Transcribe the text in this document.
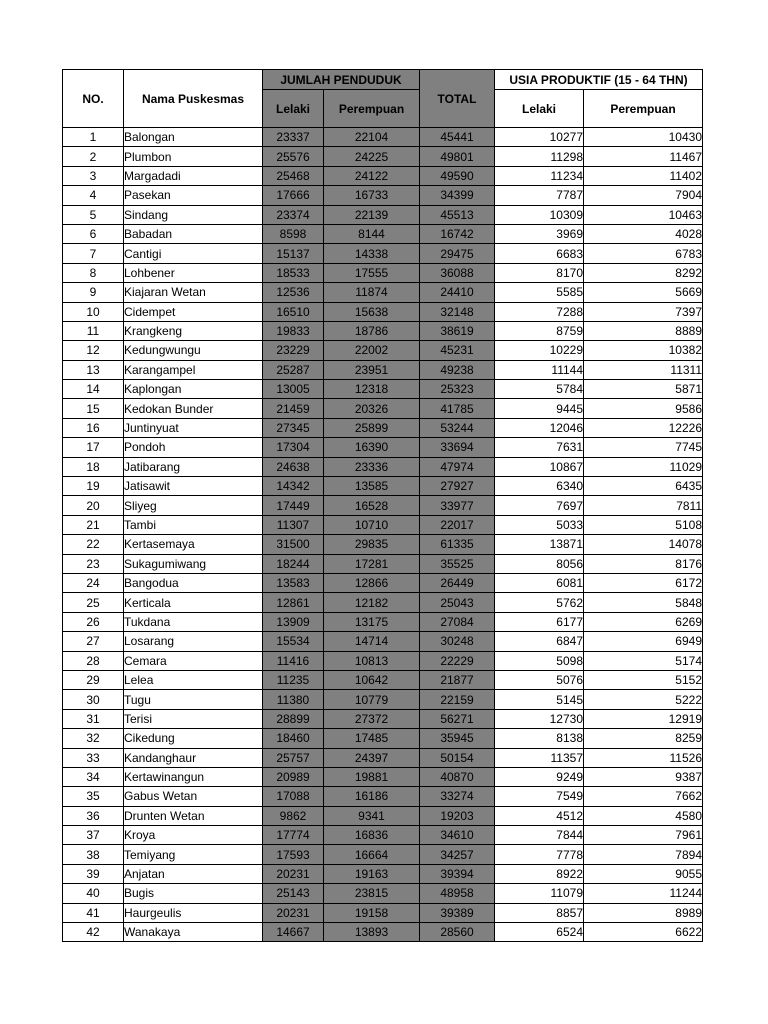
NO.	Nama Puskesmas	JUMLAH PENDUDUK		TOTAL	USIA PRODUKTIF (15 - 64 THN)	
		Lelaki	Perempuan		Lelaki	Perempuan
1	Balongan	23337	22104	45441	10277	10430
2	Plumbon	25576	24225	49801	11298	11467
3	Margadadi	25468	24122	49590	11234	11402
4	Pasekan	17666	16733	34399	7787	7904
5	Sindang	23374	22139	45513	10309	10463
6	Babadan	8598	8144	16742	3969	4028
7	Cantigi	15137	14338	29475	6683	6783
8	Lohbener	18533	17555	36088	8170	8292
9	Kiajaran Wetan	12536	11874	24410	5585	5669
10	Cidempet	16510	15638	32148	7288	7397
11	Krangkeng	19833	18786	38619	8759	8889
12	Kedungwungu	23229	22002	45231	10229	10382
13	Karangampel	25287	23951	49238	11144	11311
14	Kaplongan	13005	12318	25323	5784	5871
15	Kedokan Bunder	21459	20326	41785	9445	9586
16	Juntinyuat	27345	25899	53244	12046	12226
17	Pondoh	17304	16390	33694	7631	7745
18	Jatibarang	24638	23336	47974	10867	11029
19	Jatisawit	14342	13585	27927	6340	6435
20	Sliyeg	17449	16528	33977	7697	7811
21	Tambi	11307	10710	22017	5033	5108
22	Kertasemaya	31500	29835	61335	13871	14078
23	Sukagumiwang	18244	17281	35525	8056	8176
24	Bangodua	13583	12866	26449	6081	6172
25	Kerticala	12861	12182	25043	5762	5848
26	Tukdana	13909	13175	27084	6177	6269
27	Losarang	15534	14714	30248	6847	6949
28	Cemara	11416	10813	22229	5098	5174
29	Lelea	11235	10642	21877	5076	5152
30	Tugu	11380	10779	22159	5145	5222
31	Terisi	28899	27372	56271	12730	12919
32	Cikedung	18460	17485	35945	8138	8259
33	Kandanghaur	25757	24397	50154	11357	11526
34	Kertawinangun	20989	19881	40870	9249	9387
35	Gabus Wetan	17088	16186	33274	7549	7662
36	Drunten Wetan	9862	9341	19203	4512	4580
37	Kroya	17774	16836	34610	7844	7961
38	Temiyang	17593	16664	34257	7778	7894
39	Anjatan	20231	19163	39394	8922	9055
40	Bugis	25143	23815	48958	11079	11244
41	Haurgeulis	20231	19158	39389	8857	8989
42	Wanakaya	14667	13893	28560	6524	6622
